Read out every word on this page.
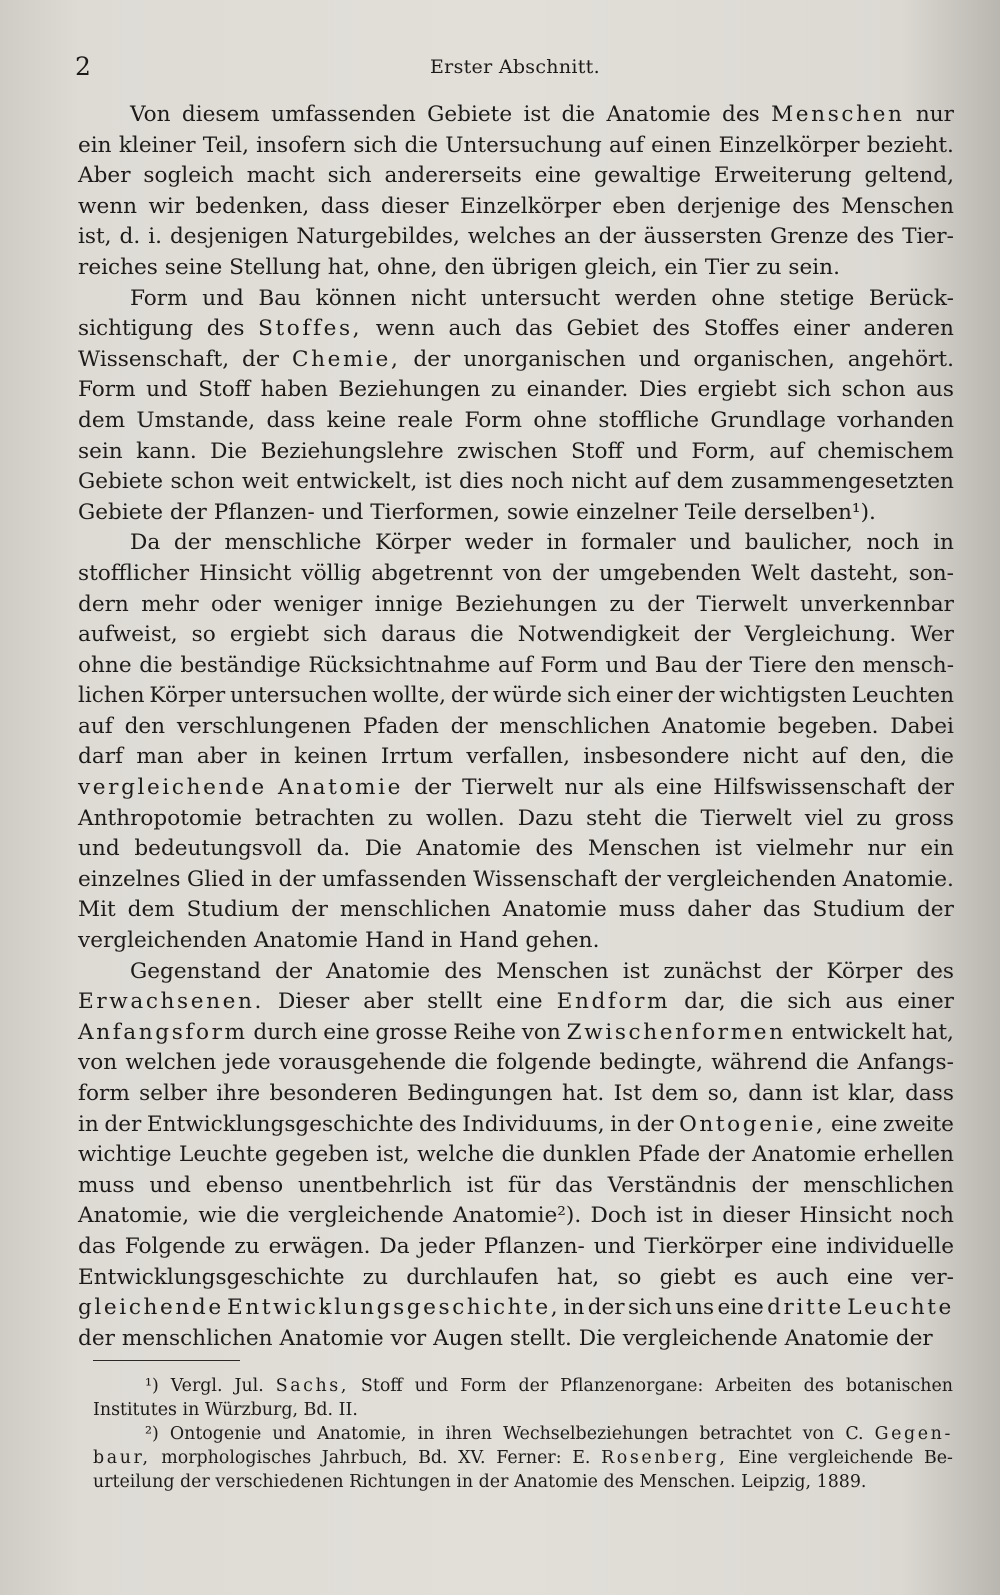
2	Erster Abschnitt.
Von diesem umfassenden Gebiete ist die Anatomie des Menschen nur
ein kleiner Teil, insofern sich die Untersuchung auf einen Einzelkörper bezieht.
Aber sogleich macht sich andererseits eine gewaltige Erweiterung geltend,
wenn wir bedenken, dass dieser Einzelkörper eben derjenige des Menschen
ist, d. i. desjenigen Naturgebildes, welches an der äussersten Grenze des Tier-
reiches seine Stellung hat, ohne, den übrigen gleich, ein Tier zu sein.
Form und Bau können nicht untersucht werden ohne stetige Berück-
sichtigung des Stoffes, wenn auch das Gebiet des Stoffes einer anderen
Wissenschaft, der Chemie, der unorganischen und organischen, angehört.
Form und Stoff haben Beziehungen zu einander. Dies ergiebt sich schon aus
dem Umstande, dass keine reale Form ohne stoffliche Grundlage vorhanden
sein kann. Die Beziehungslehre zwischen Stoff und Form, auf chemischem
Gebiete schon weit entwickelt, ist dies noch nicht auf dem zusammengesetzten
Gebiete der Pflanzen- und Tierformen, sowie einzelner Teile derselben¹).
Da der menschliche Körper weder in formaler und baulicher, noch in
stofflicher Hinsicht völlig abgetrennt von der umgebenden Welt dasteht, son-
dern mehr oder weniger innige Beziehungen zu der Tierwelt unverkennbar
aufweist, so ergiebt sich daraus die Notwendigkeit der Vergleichung. Wer
ohne die beständige Rücksichtnahme auf Form und Bau der Tiere den mensch-
lichen Körper untersuchen wollte, der würde sich einer der wichtigsten Leuchten
auf den verschlungenen Pfaden der menschlichen Anatomie begeben. Dabei
darf man aber in keinen Irrtum verfallen, insbesondere nicht auf den, die
vergleichende Anatomie der Tierwelt nur als eine Hilfswissenschaft der
Anthropotomie betrachten zu wollen. Dazu steht die Tierwelt viel zu gross
und bedeutungsvoll da. Die Anatomie des Menschen ist vielmehr nur ein
einzelnes Glied in der umfassenden Wissenschaft der vergleichenden Anatomie.
Mit dem Studium der menschlichen Anatomie muss daher das Studium der
vergleichenden Anatomie Hand in Hand gehen.
Gegenstand der Anatomie des Menschen ist zunächst der Körper des
Erwachsenen. Dieser aber stellt eine Endform dar, die sich aus einer
Anfangsform durch eine grosse Reihe von Zwischenformen entwickelt hat,
von welchen jede vorausgehende die folgende bedingte, während die Anfangs-
form selber ihre besonderen Bedingungen hat. Ist dem so, dann ist klar, dass
in der Entwicklungsgeschichte des Individuums, in der Ontogenie, eine zweite
wichtige Leuchte gegeben ist, welche die dunklen Pfade der Anatomie erhellen
muss und ebenso unentbehrlich ist für das Verständnis der menschlichen
Anatomie, wie die vergleichende Anatomie²). Doch ist in dieser Hinsicht noch
das Folgende zu erwägen. Da jeder Pflanzen- und Tierkörper eine individuelle
Entwicklungsgeschichte zu durchlaufen hat, so giebt es auch eine ver-
gleichende Entwicklungsgeschichte, in der sich uns eine dritte Leuchte
der menschlichen Anatomie vor Augen stellt. Die vergleichende Anatomie der
¹) Vergl. Jul. Sachs, Stoff und Form der Pflanzenorgane: Arbeiten des botanischen
Institutes in Würzburg, Bd. II.
²) Ontogenie und Anatomie, in ihren Wechselbeziehungen betrachtet von C. Gegen-
baur, morphologisches Jahrbuch, Bd. XV. Ferner: E. Rosenberg, Eine vergleichende Be-
urteilung der verschiedenen Richtungen in der Anatomie des Menschen. Leipzig, 1889.
